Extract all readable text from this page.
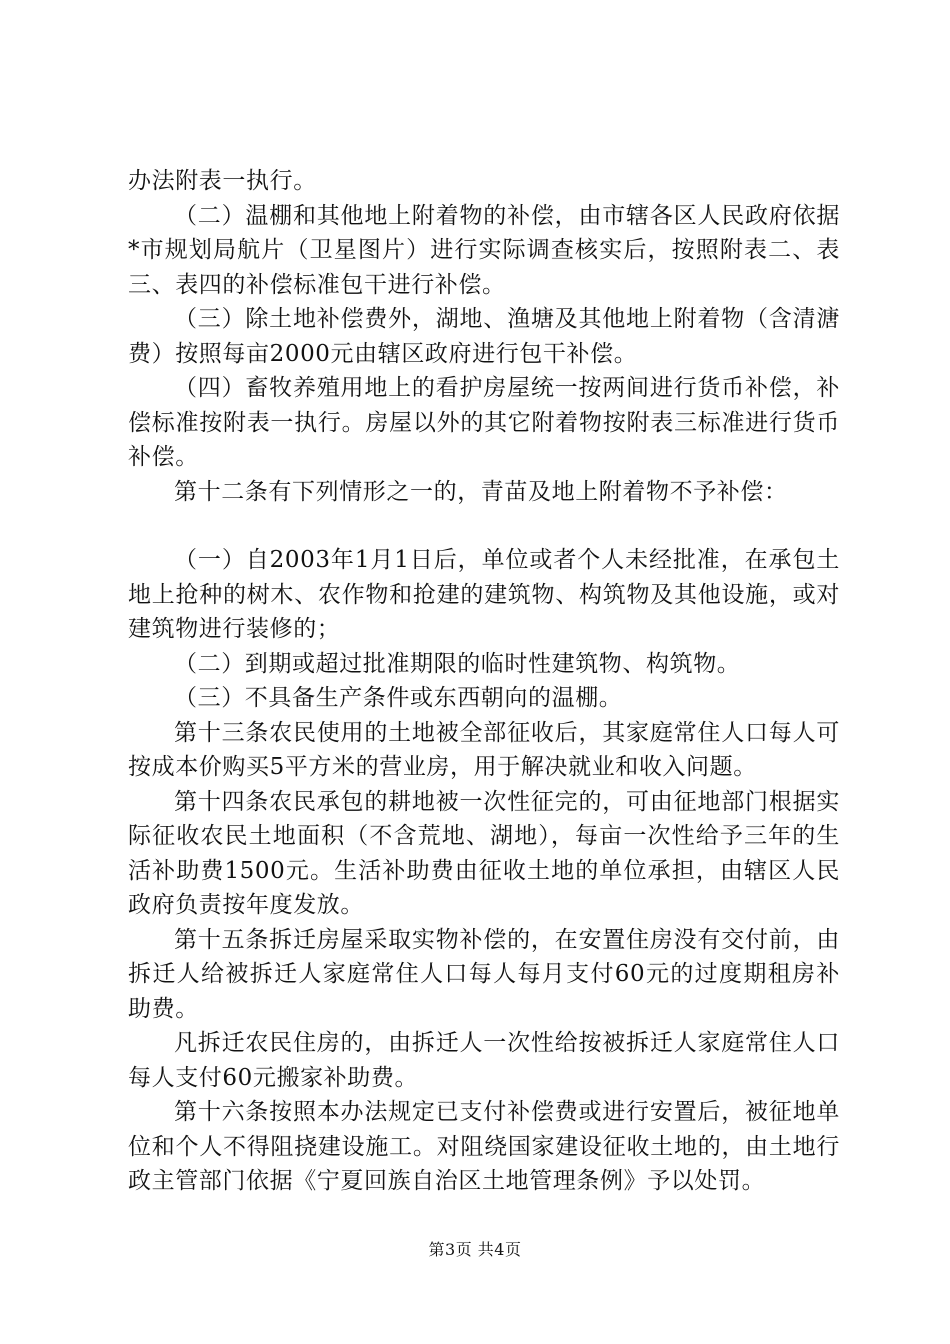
办法附表一执行。

（二）温棚和其他地上附着物的补偿，由市辖各区人民政府依据*市规划局航片（卫星图片）进行实际调查核实后，按照附表二、表三、表四的补偿标准包干进行补偿。

（三）除土地补偿费外，湖地、渔塘及其他地上附着物（含清溏费）按照每亩2000元由辖区政府进行包干补偿。

（四）畜牧养殖用地上的看护房屋统一按两间进行货币补偿，补偿标准按附表一执行。房屋以外的其它附着物按附表三标准进行货币补偿。

第十二条有下列情形之一的，青苗及地上附着物不予补偿：

（一）自2003年1月1日后，单位或者个人未经批准，在承包土地上抢种的树木、农作物和抢建的建筑物、构筑物及其他设施，或对建筑物进行装修的；

（二）到期或超过批准期限的临时性建筑物、构筑物。

（三）不具备生产条件或东西朝向的温棚。

第十三条农民使用的土地被全部征收后，其家庭常住人口每人可按成本价购买5平方米的营业房，用于解决就业和收入问题。

第十四条农民承包的耕地被一次性征完的，可由征地部门根据实际征收农民土地面积（不含荒地、湖地），每亩一次性给予三年的生活补助费1500元。生活补助费由征收土地的单位承担，由辖区人民政府负责按年度发放。

第十五条拆迁房屋采取实物补偿的，在安置住房没有交付前，由拆迁人给被拆迁人家庭常住人口每人每月支付60元的过度期租房补助费。

凡拆迁农民住房的，由拆迁人一次性给按被拆迁人家庭常住人口每人支付60元搬家补助费。

第十六条按照本办法规定已支付补偿费或进行安置后，被征地单位和个人不得阻挠建设施工。对阻绕国家建设征收土地的，由土地行政主管部门依据《宁夏回族自治区土地管理条例》予以处罚。

第3页 共4页
